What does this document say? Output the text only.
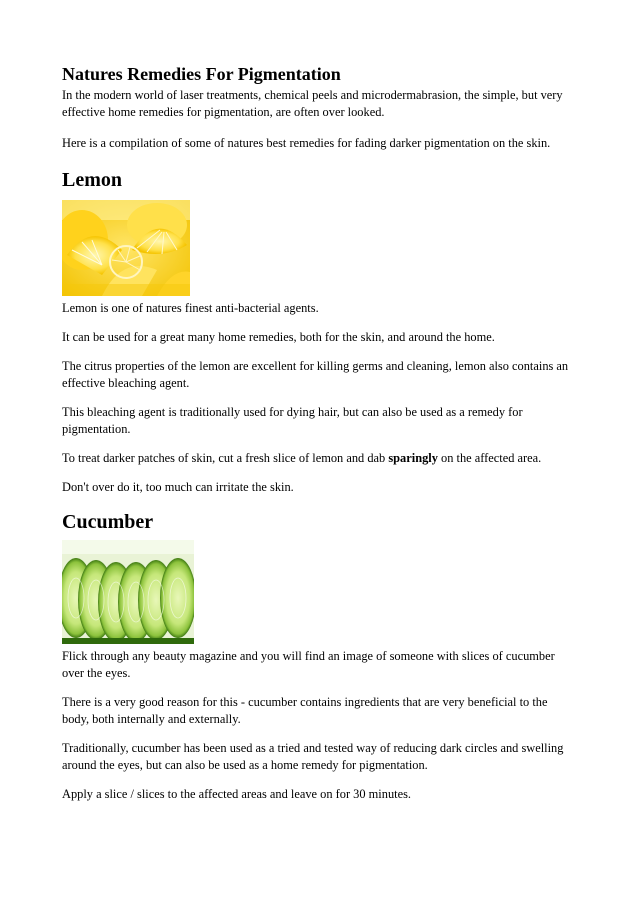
Natures Remedies For Pigmentation

In the modern world of laser treatments, chemical peels and microdermabrasion, the simple, but very effective home remedies for pigmentation, are often over looked.

Here is a compilation of some of natures best remedies for fading darker pigmentation on the skin.

Lemon

Lemon is one of natures finest anti-bacterial agents.

It can be used for a great many home remedies, both for the skin, and around the home.

The citrus properties of the lemon are excellent for killing germs and cleaning, lemon also contains an effective bleaching agent.

This bleaching agent is traditionally used for dying hair, but can also be used as a remedy for pigmentation.

To treat darker patches of skin, cut a fresh slice of lemon and dab sparingly on the affected area.

Don't over do it, too much can irritate the skin.

Cucumber

Flick through any beauty magazine and you will find an image of someone with slices of cucumber over the eyes.

There is a very good reason for this - cucumber contains ingredients that are very beneficial to the body, both internally and externally.

Traditionally, cucumber has been used as a tried and tested way of reducing dark circles and swelling around the eyes, but can also be used as a home remedy for pigmentation.

Apply a slice / slices to the affected areas and leave on for 30 minutes.
